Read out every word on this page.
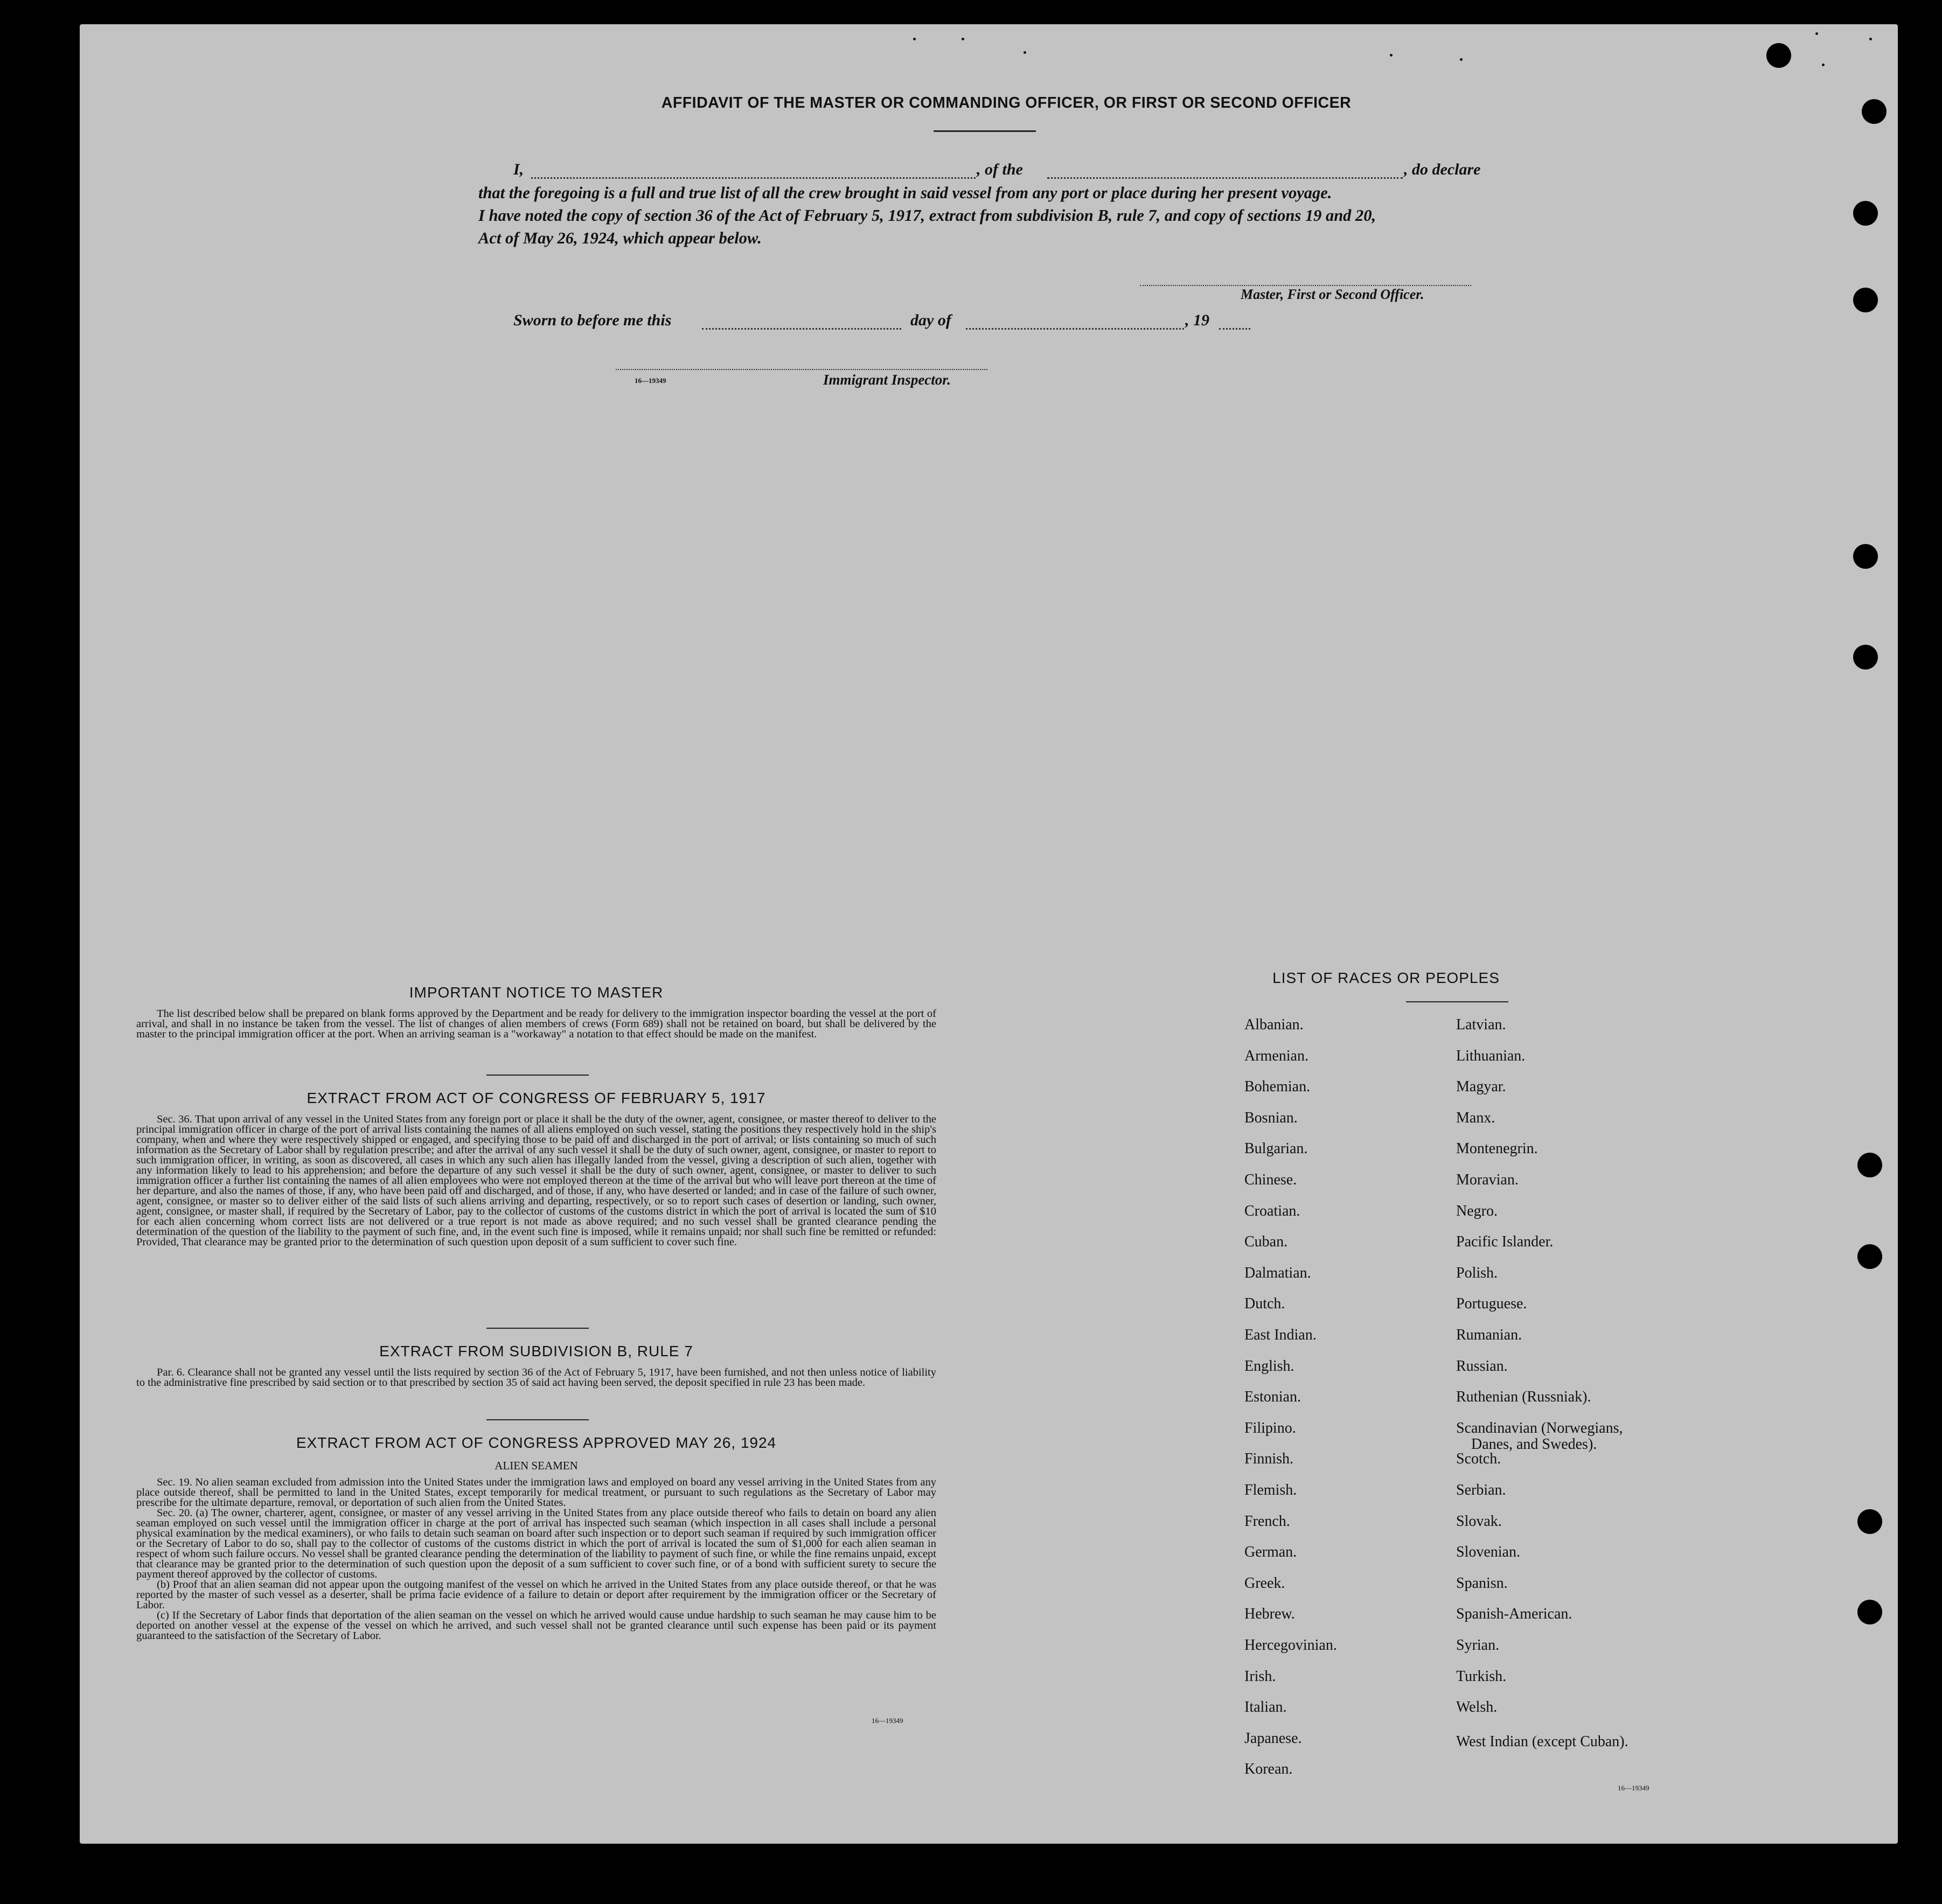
AFFIDAVIT OF THE MASTER OR COMMANDING OFFICER, OR FIRST OR SECOND OFFICER
I,	, of the	, do declare
that the foregoing is a full and true list of all the crew brought in said vessel from any port or place during her present voyage.
I have noted the copy of section 36 of the Act of February 5, 1917, extract from subdivision B, rule 7, and copy of sections 19 and 20,
Act of May 26, 1924, which appear below.
Master, First or Second Officer.
Sworn to before me this	day of	, 19
16—19349	Immigrant Inspector.
IMPORTANT NOTICE TO MASTER

The list described below shall be prepared on blank forms approved by the Department and be ready for delivery to the immigration inspector boarding the vessel at the port of arrival, and shall in no instance be taken from the vessel. The list of changes of alien members of crews (Form 689) shall not be retained on board, but shall be delivered by the master to the principal immigration officer at the port. When an arriving seaman is a "workaway" a notation to that effect should be made on the manifest.

EXTRACT FROM ACT OF CONGRESS OF FEBRUARY 5, 1917

Sec. 36. That upon arrival of any vessel in the United States from any foreign port or place it shall be the duty of the owner, agent, consignee, or master thereof to deliver to the principal immigration officer in charge of the port of arrival lists containing the names of all aliens employed on such vessel, stating the positions they respectively hold in the ship's company, when and where they were respectively shipped or engaged, and specifying those to be paid off and discharged in the port of arrival; or lists containing so much of such information as the Secretary of Labor shall by regulation prescribe; and after the arrival of any such vessel it shall be the duty of such owner, agent, consignee, or master to report to such immigration officer, in writing, as soon as discovered, all cases in which any such alien has illegally landed from the vessel, giving a description of such alien, together with any information likely to lead to his apprehension; and before the departure of any such vessel it shall be the duty of such owner, agent, consignee, or master to deliver to such immigration officer a further list containing the names of all alien employees who were not employed thereon at the time of the arrival but who will leave port thereon at the time of her departure, and also the names of those, if any, who have been paid off and discharged, and of those, if any, who have deserted or landed; and in case of the failure of such owner, agent, consignee, or master so to deliver either of the said lists of such aliens arriving and departing, respectively, or so to report such cases of desertion or landing, such owner, agent, consignee, or master shall, if required by the Secretary of Labor, pay to the collector of customs of the customs district in which the port of arrival is located the sum of $10 for each alien concerning whom correct lists are not delivered or a true report is not made as above required; and no such vessel shall be granted clearance pending the determination of the question of the liability to the payment of such fine, and, in the event such fine is imposed, while it remains unpaid; nor shall such fine be remitted or refunded: Provided, That clearance may be granted prior to the determination of such question upon deposit of a sum sufficient to cover such fine.

EXTRACT FROM SUBDIVISION B, RULE 7

Par. 6. Clearance shall not be granted any vessel until the lists required by section 36 of the Act of February 5, 1917, have been furnished, and not then unless notice of liability to the administrative fine prescribed by said section or to that prescribed by section 35 of said act having been served, the deposit specified in rule 23 has been made.

EXTRACT FROM ACT OF CONGRESS APPROVED MAY 26, 1924
ALIEN SEAMEN

Sec. 19. No alien seaman excluded from admission into the United States under the immigration laws and employed on board any vessel arriving in the United States from any place outside thereof, shall be permitted to land in the United States, except temporarily for medical treatment, or pursuant to such regulations as the Secretary of Labor may prescribe for the ultimate departure, removal, or deportation of such alien from the United States.

Sec. 20. (a) The owner, charterer, agent, consignee, or master of any vessel arriving in the United States from any place outside thereof who fails to detain on board any alien seaman employed on such vessel until the immigration officer in charge at the port of arrival has inspected such seaman (which inspection in all cases shall include a personal physical examination by the medical examiners), or who fails to detain such seaman on board after such inspection or to deport such seaman if required by such immigration officer or the Secretary of Labor to do so, shall pay to the collector of customs of the customs district in which the port of arrival is located the sum of $1,000 for each alien seaman in respect of whom such failure occurs. No vessel shall be granted clearance pending the determination of the liability to payment of such fine, or while the fine remains unpaid, except that clearance may be granted prior to the determination of such question upon the deposit of a sum sufficient to cover such fine, or of a bond with sufficient surety to secure the payment thereof approved by the collector of customs.

(b) Proof that an alien seaman did not appear upon the outgoing manifest of the vessel on which he arrived in the United States from any place outside thereof, or that he was reported by the master of such vessel as a deserter, shall be prima facie evidence of a failure to detain or deport after requirement by the immigration officer or the Secretary of Labor.

(c) If the Secretary of Labor finds that deportation of the alien seaman on the vessel on which he arrived would cause undue hardship to such seaman he may cause him to be deported on another vessel at the expense of the vessel on which he arrived, and such vessel shall not be granted clearance until such expense has been paid or its payment guaranteed to the satisfaction of the Secretary of Labor.

16—19349
LIST OF RACES OR PEOPLES
Albanian.
Armenian.
Bohemian.
Bosnian.
Bulgarian.
Chinese.
Croatian.
Cuban.
Dalmatian.
Dutch.
East Indian.
English.
Estonian.
Filipino.
Finnish.
Flemish.
French.
German.
Greek.
Hebrew.
Hercegovinian.
Irish.
Italian.
Japanese.
Korean.
Latvian.
Lithuanian.
Magyar.
Manx.
Montenegrin.
Moravian.
Negro.
Pacific Islander.
Polish.
Portuguese.
Rumanian.
Russian.
Ruthenian (Russniak).
Scandinavian (Norwegians,
Danes, and Swedes).
Scotch.
Serbian.
Slovak.
Slovenian.
Spanisn.
Spanish-American.
Syrian.
Turkish.
Welsh.
West Indian (except Cuban).
16—19349
